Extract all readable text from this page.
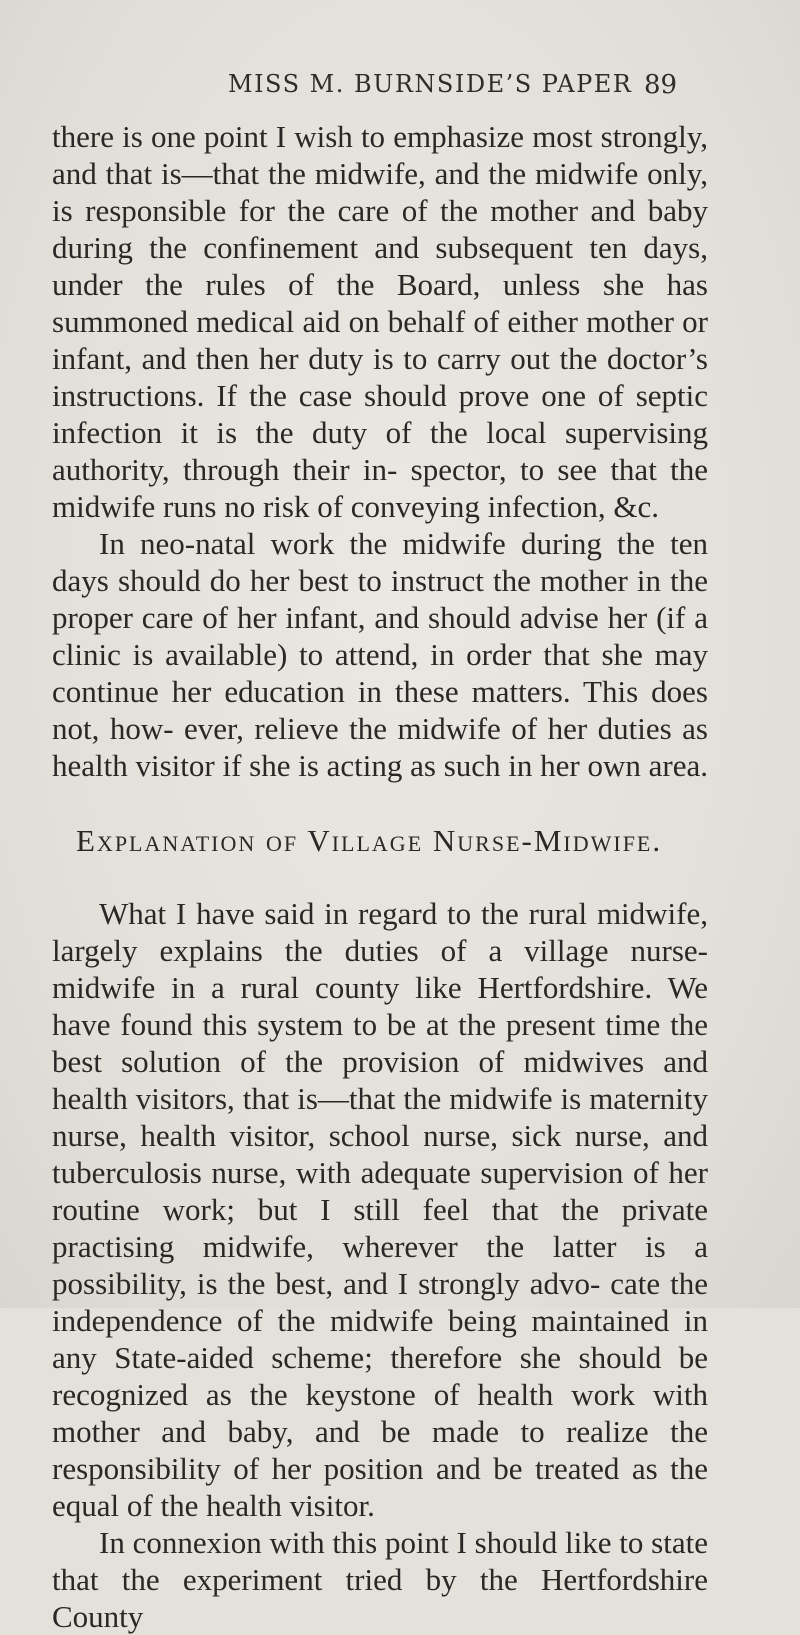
MISS M. BURNSIDE’S PAPER 89

there is one point I wish to emphasize most strongly, and that is—that the midwife, and the midwife only, is responsible for the care of the mother and baby during the confinement and subsequent ten days, under the rules of the Board, unless she has summoned medical aid on behalf of either mother or infant, and then her duty is to carry out the doctor’s instructions. If the case should prove one of septic infection it is the duty of the local supervising authority, through their in- spector, to see that the midwife runs no risk of conveying infection, &c.

In neo-natal work the midwife during the ten days should do her best to instruct the mother in the proper care of her infant, and should advise her (if a clinic is available) to attend, in order that she may continue her education in these matters. This does not, how- ever, relieve the midwife of her duties as health visitor if she is acting as such in her own area.

Explanation of Village Nurse-Midwife.

What I have said in regard to the rural midwife, largely explains the duties of a village nurse-midwife in a rural county like Hertfordshire. We have found this system to be at the present time the best solution of the provision of midwives and health visitors, that is—that the midwife is maternity nurse, health visitor, school nurse, sick nurse, and tuberculosis nurse, with adequate supervision of her routine work; but I still feel that the private practising midwife, wherever the latter is a possibility, is the best, and I strongly advo- cate the independence of the midwife being maintained in any State-aided scheme; therefore she should be recognized as the keystone of health work with mother and baby, and be made to realize the responsibility of her position and be treated as the equal of the health visitor.

In connexion with this point I should like to state that the experiment tried by the Hertfordshire County
